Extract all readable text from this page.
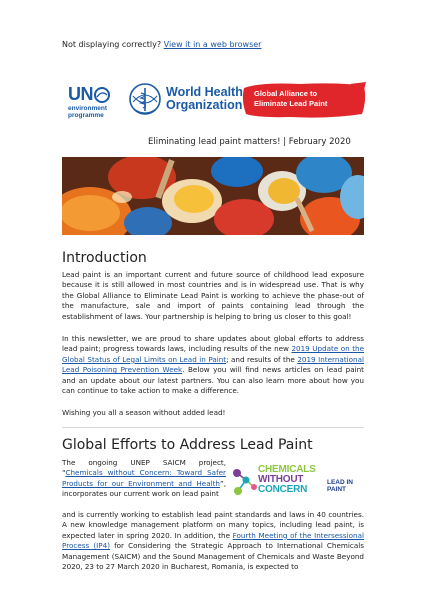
Not displaying correctly? View it in a web browser
UN
environment
programme
World Health
Organization
Global Alliance to
Eliminate Lead Paint
Eliminating lead paint matters! | February 2020
Introduction
Lead paint is an important current and future source of childhood lead exposure because it is still allowed in most countries and is in widespread use. That is why the Global Alliance to Eliminate Lead Paint is working to achieve the phase-out of the manufacture, sale and import of paints containing lead through the establishment of laws. Your partnership is helping to bring us closer to this goal!
In this newsletter, we are proud to share updates about global efforts to address lead paint; progress towards laws, including results of the new 2019 Update on the Global Status of Legal Limits on Lead in Paint; and results of the 2019 International Lead Poisoning Prevention Week. Below you will find news articles on lead paint and an update about our latest partners. You can also learn more about how you can continue to take action to make a difference.
Wishing you all a season without added lead!
Global Efforts to Address Lead Paint
The ongoing UNEP SAICM project, “Chemicals without Concern: Toward Safer Products for our Environment and Health”, incorporates our current work on lead paint
CHEMICALS
WITHOUT
CONCERN
LEAD IN
PAINT
and is currently working to establish lead paint standards and laws in 40 countries. A new knowledge management platform on many topics, including lead paint, is expected later in spring 2020. In addition, the Fourth Meeting of the Intersessional Process (IP4) for Considering the Strategic Approach to International Chemicals Management (SAICM) and the Sound Management of Chemicals and Waste Beyond 2020, 23 to 27 March 2020 in Bucharest, Romania, is expected to
